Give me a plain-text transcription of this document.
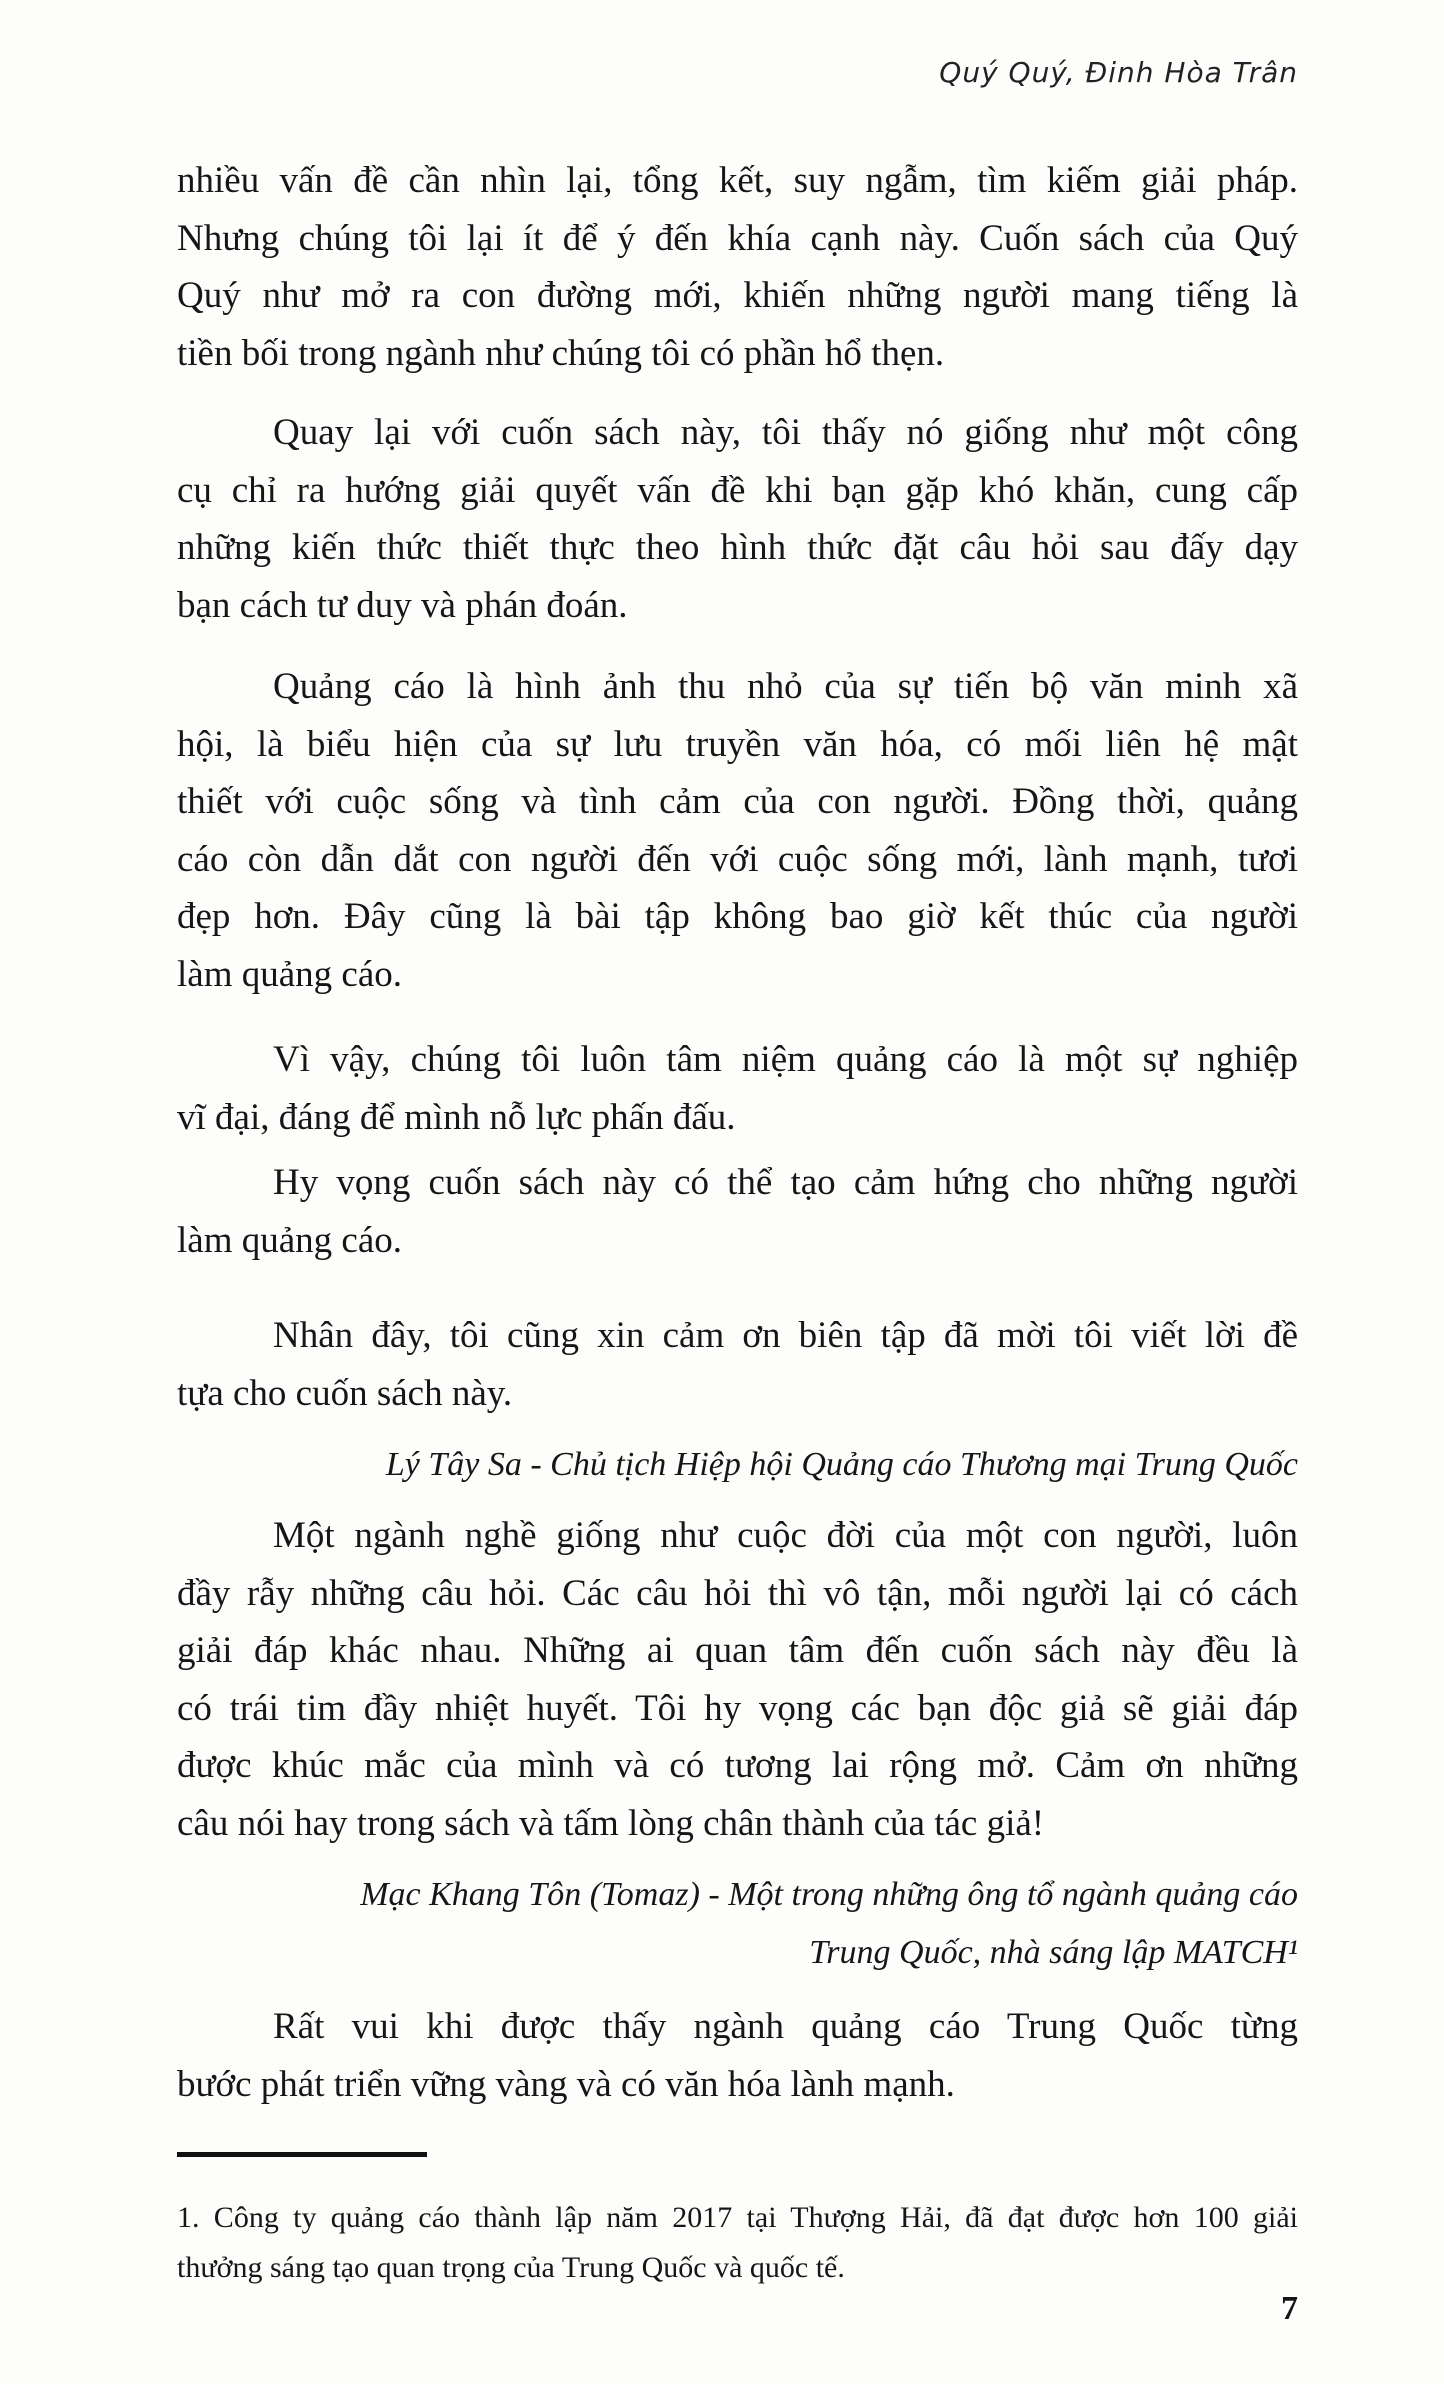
Quý Quý, Đinh Hòa Trân
nhiều vấn đề cần nhìn lại, tổng kết, suy ngẫm, tìm kiếm giải pháp.
Nhưng chúng tôi lại ít để ý đến khía cạnh này. Cuốn sách của Quý
Quý như mở ra con đường mới, khiến những người mang tiếng là
tiền bối trong ngành như chúng tôi có phần hổ thẹn.
Quay lại với cuốn sách này, tôi thấy nó giống như một công
cụ chỉ ra hướng giải quyết vấn đề khi bạn gặp khó khăn, cung cấp
những kiến thức thiết thực theo hình thức đặt câu hỏi sau đấy dạy
bạn cách tư duy và phán đoán.
Quảng cáo là hình ảnh thu nhỏ của sự tiến bộ văn minh xã
hội, là biểu hiện của sự lưu truyền văn hóa, có mối liên hệ mật
thiết với cuộc sống và tình cảm của con người. Đồng thời, quảng
cáo còn dẫn dắt con người đến với cuộc sống mới, lành mạnh, tươi
đẹp hơn. Đây cũng là bài tập không bao giờ kết thúc của người
làm quảng cáo.
Vì vậy, chúng tôi luôn tâm niệm quảng cáo là một sự nghiệp
vĩ đại, đáng để mình nỗ lực phấn đấu.
Hy vọng cuốn sách này có thể tạo cảm hứng cho những người
làm quảng cáo.
Nhân đây, tôi cũng xin cảm ơn biên tập đã mời tôi viết lời đề
tựa cho cuốn sách này.
Lý Tây Sa - Chủ tịch Hiệp hội Quảng cáo Thương mại Trung Quốc
Một ngành nghề giống như cuộc đời của một con người, luôn
đầy rẫy những câu hỏi. Các câu hỏi thì vô tận, mỗi người lại có cách
giải đáp khác nhau. Những ai quan tâm đến cuốn sách này đều là
có trái tim đầy nhiệt huyết. Tôi hy vọng các bạn độc giả sẽ giải đáp
được khúc mắc của mình và có tương lai rộng mở. Cảm ơn những
câu nói hay trong sách và tấm lòng chân thành của tác giả!
Mạc Khang Tôn (Tomaz) - Một trong những ông tổ ngành quảng cáo
Trung Quốc, nhà sáng lập MATCH¹
Rất vui khi được thấy ngành quảng cáo Trung Quốc từng
bước phát triển vững vàng và có văn hóa lành mạnh.
1. Công ty quảng cáo thành lập năm 2017 tại Thượng Hải, đã đạt được hơn 100 giải
thưởng sáng tạo quan trọng của Trung Quốc và quốc tế.
7
